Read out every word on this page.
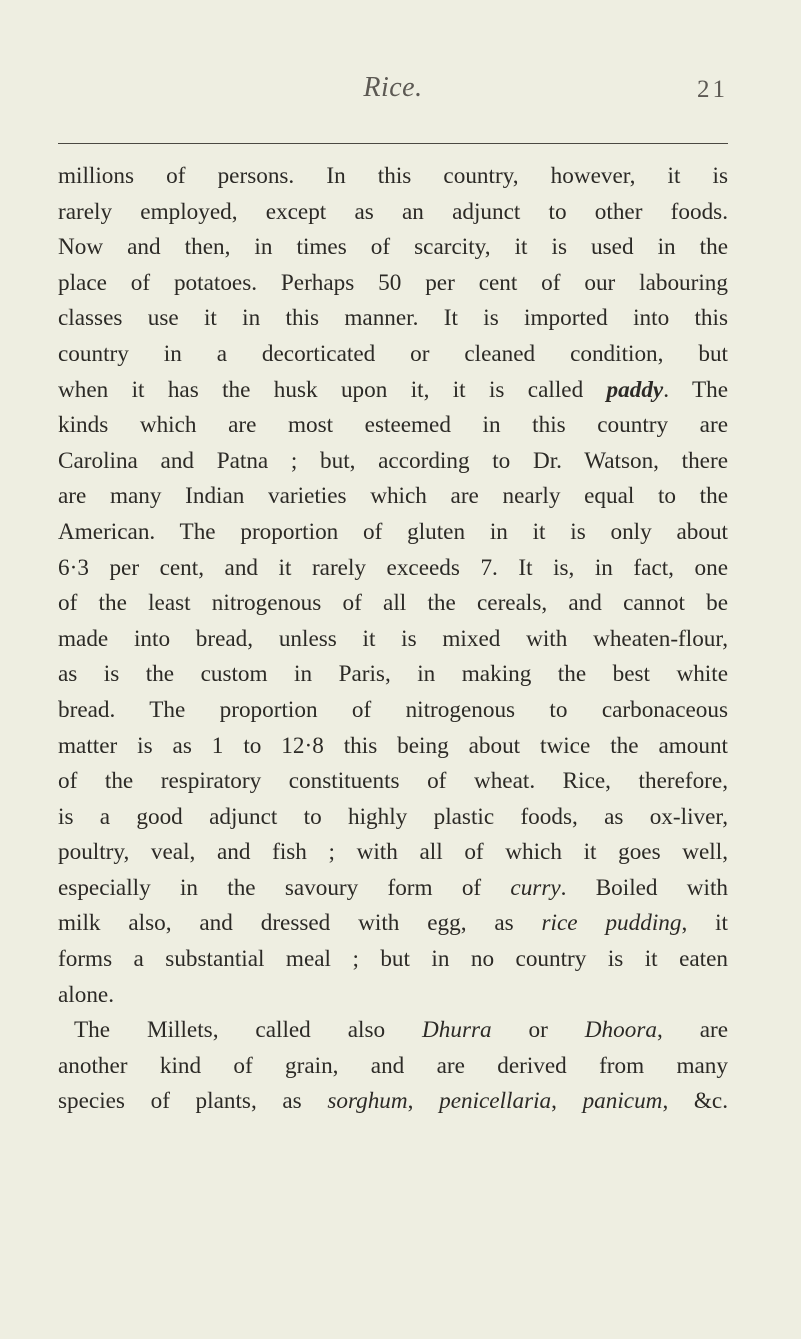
Rice.	21
millions of persons. In this country, however, it is
rarely employed, except as an adjunct to other foods.
Now and then, in times of scarcity, it is used in the
place of potatoes. Perhaps 50 per cent of our labouring
classes use it in this manner. It is imported into this
country in a decorticated or cleaned condition, but
when it has the husk upon it, it is called paddy. The
kinds which are most esteemed in this country are
Carolina and Patna ; but, according to Dr. Watson, there
are many Indian varieties which are nearly equal to the
American. The proportion of gluten in it is only about
6·3 per cent, and it rarely exceeds 7. It is, in fact, one
of the least nitrogenous of all the cereals, and cannot be
made into bread, unless it is mixed with wheaten-flour,
as is the custom in Paris, in making the best white
bread. The proportion of nitrogenous to carbonaceous
matter is as 1 to 12·8 this being about twice the amount
of the respiratory constituents of wheat. Rice, therefore,
is a good adjunct to highly plastic foods, as ox-liver,
poultry, veal, and fish ; with all of which it goes well,
especially in the savoury form of curry. Boiled with
milk also, and dressed with egg, as rice pudding, it
forms a substantial meal ; but in no country is it eaten
alone.
The Millets, called also Dhurra or Dhoora, are
another kind of grain, and are derived from many
species of plants, as sorghum, penicellaria, panicum, &c.
